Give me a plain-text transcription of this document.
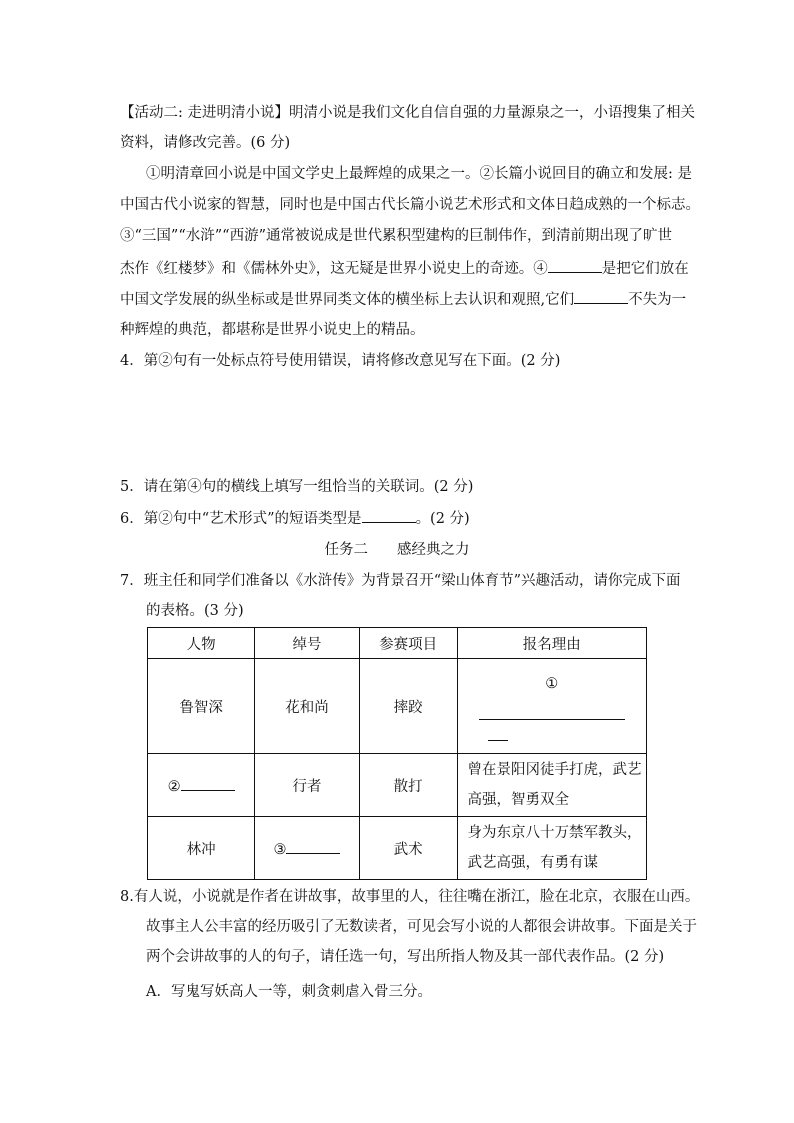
【活动二: 走进明清小说】明清小说是我们文化自信自强的力量源泉之一，小语搜集了相关
资料，请修改完善。(6 分)
①明清章回小说是中国文学史上最辉煌的成果之一。②长篇小说回目的确立和发展: 是
中国古代小说家的智慧，同时也是中国古代长篇小说艺术形式和文体日趋成熟的一个标志。
③“三国”“水浒”“西游”通常被说成是世代累积型建构的巨制伟作，到清前期出现了旷世
杰作《红楼梦》和《儒林外史》，这无疑是世界小说史上的奇迹。④	是把它们放在
中国文学发展的纵坐标或是世界同类文体的横坐标上去认识和观照,它们	不失为一
种辉煌的典范，都堪称是世界小说史上的精品。
4．第②句有一处标点符号使用错误，请将修改意见写在下面。(2 分)
5．请在第④句的横线上填写一组恰当的关联词。(2 分)
6．第②句中“艺术形式”的短语类型是	。(2 分)
任务二　　感经典之力
7．班主任和同学们准备以《水浒传》为背景召开“梁山体育节”兴趣活动，请你完成下面
的表格。(3 分)
人物	绰号	参赛项目	报名理由
鲁智深	花和尚	摔跤	①

②	行者	散打	曾在景阳冈徒手打虎，武艺
高强，智勇双全

林冲	③	武术	身为东京八十万禁军教头，
武艺高强，有勇有谋
8.有人说，小说就是作者在讲故事，故事里的人，往往嘴在浙江，脸在北京，衣服在山西。
故事主人公丰富的经历吸引了无数读者，可见会写小说的人都很会讲故事。下面是关于
两个会讲故事的人的句子，请任选一句，写出所指人物及其一部代表作品。(2 分)
A．写鬼写妖高人一等，刺贪刺虐入骨三分。
